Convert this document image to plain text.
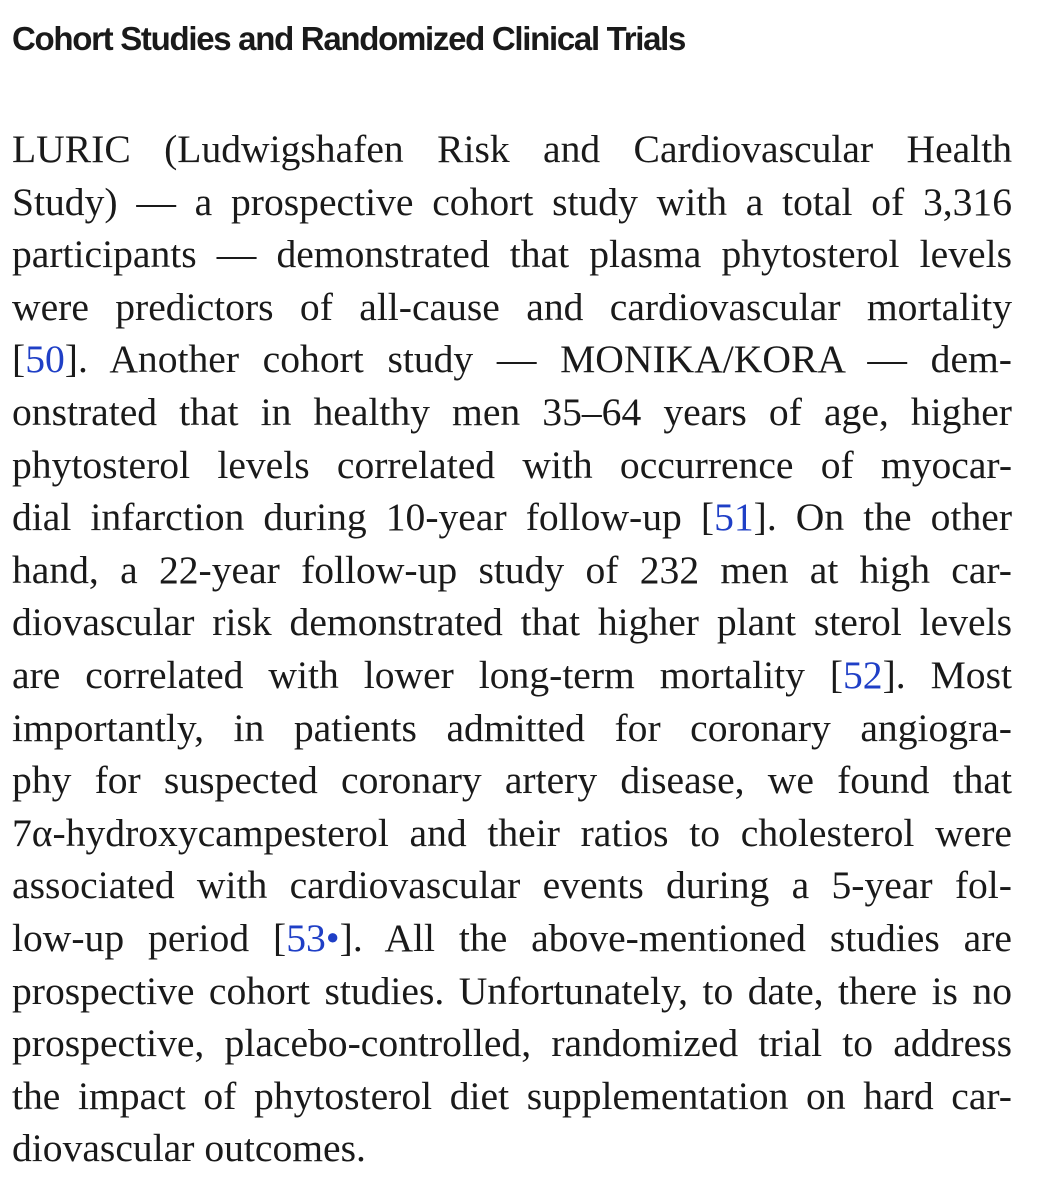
Cohort Studies and Randomized Clinical Trials
LURIC (Ludwigshafen Risk and Cardiovascular Health
Study) — a prospective cohort study with a total of 3,316
participants — demonstrated that plasma phytosterol levels
were predictors of all-cause and cardiovascular mortality
[50]. Another cohort study — MONIKA/KORA — dem-
onstrated that in healthy men 35–64 years of age, higher
phytosterol levels correlated with occurrence of myocar-
dial infarction during 10-year follow-up [51]. On the other
hand, a 22-year follow-up study of 232 men at high car-
diovascular risk demonstrated that higher plant sterol levels
are correlated with lower long-term mortality [52]. Most
importantly, in patients admitted for coronary angiogra-
phy for suspected coronary artery disease, we found that
7α-hydroxycampesterol and their ratios to cholesterol were
associated with cardiovascular events during a 5-year fol-
low-up period [53•]. All the above-mentioned studies are
prospective cohort studies. Unfortunately, to date, there is no
prospective, placebo-controlled, randomized trial to address
the impact of phytosterol diet supplementation on hard car-
diovascular outcomes.
